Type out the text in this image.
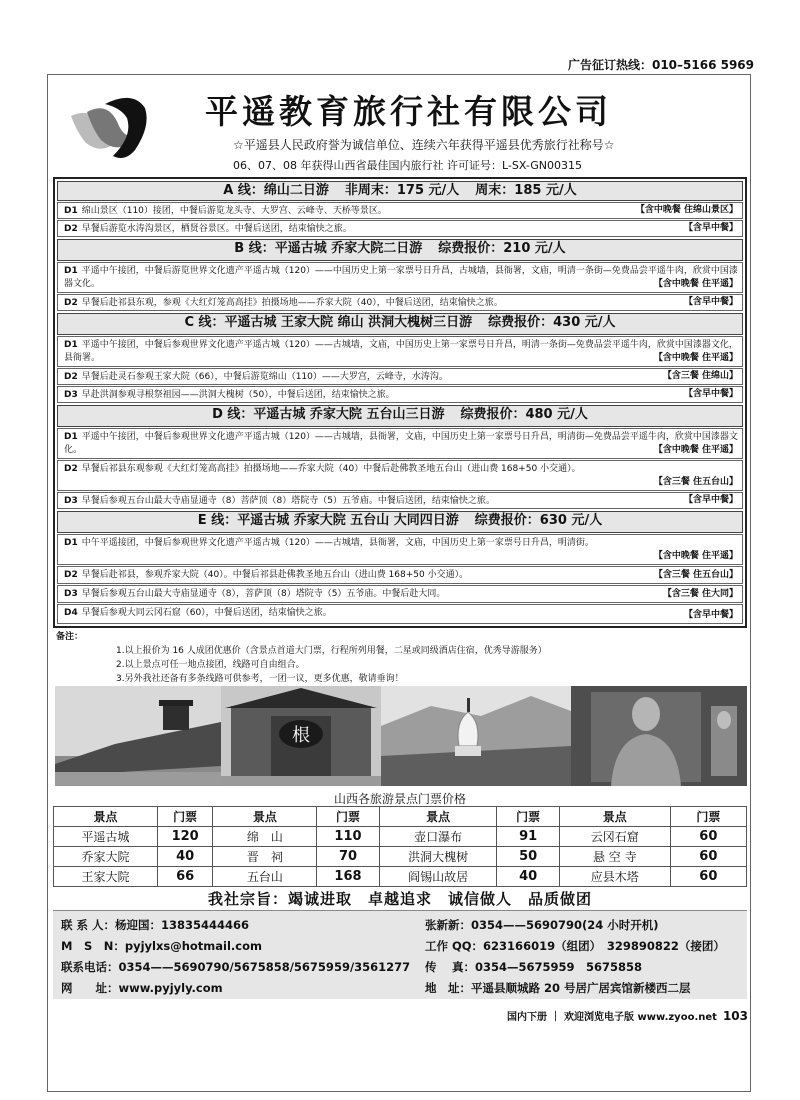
广告征订热线：010–5166 5969
平遥教育旅行社有限公司
☆平遥县人民政府誉为诚信单位、连续六年获得平遥县优秀旅行社称号☆
06、07、08 年获得山西省最佳国内旅行社 许可证号：L-SX-GN00315
A 线：绵山二日游 非周末：175 元/人 周末：185 元/人
D1 绵山景区（110）接团，中餐后游览龙头寺、大罗宫、云峰寺、天桥等景区。	【含中晚餐 住绵山景区】
D2 早餐后游览水涛沟景区，栖贤谷景区。中餐后送团，结束愉快之旅。	【含早中餐】
B 线：平遥古城 乔家大院二日游 综费报价：210 元/人
D1 平遥中午接团，中餐后游览世界文化遗产平遥古城（120）——中国历史上第一家票号日升昌，古城墙，县衙署，文庙，明清一条街—免费品尝平遥牛肉，欣赏中国漆器文化。	【含中晚餐 住平遥】
D2 早餐后赴祁县东观，参观《大红灯笼高高挂》拍摄场地——乔家大院（40），中餐后送团，结束愉快之旅。	【含早中餐】
C 线：平遥古城 王家大院 绵山 洪洞大槐树三日游 综费报价：430 元/人
D1 平遥中午接团，中餐后参观世界文化遗产平遥古城（120）——古城墙，文庙，中国历史上第一家票号日升昌，明清一条街—免费品尝平遥牛肉，欣赏中国漆器文化，县衙署。	【含中晚餐 住平遥】
D2 早餐后赴灵石参观王家大院（66），中餐后游览绵山（110）——大罗宫，云峰寺，水涛沟。	【含三餐 住绵山】
D3 早赴洪洞参观寻根祭祖园——洪洞大槐树（50），中餐后送团，结束愉快之旅。	【含早中餐】
D 线：平遥古城 乔家大院 五台山三日游 综费报价：480 元/人
D1 平遥中午接团，中餐后参观世界文化遗产平遥古城（120）——古城墙，县衙署，文庙，中国历史上第一家票号日升昌，明清街—免费品尝平遥牛肉，欣赏中国漆器文化。	【含中晚餐 住平遥】
D2 早餐后祁县东观参观《大红灯笼高高挂》拍摄场地——乔家大院（40）中餐后赴佛教圣地五台山（进山费 168+50 小交通）。
【含三餐 住五台山】
D3 早餐后参观五台山最大寺庙显通寺（8）菩萨顶（8）塔院寺（5）五爷庙。中餐后送团，结束愉快之旅。	【含早中餐】
E 线：平遥古城 乔家大院 五台山 大同四日游 综费报价：630 元/人
D1 中午平遥接团，中餐后参观世界文化遗产平遥古城（120）——古城墙，县衙署，文庙，中国历史上第一家票号日升昌，明清街。
【含中晚餐 住平遥】
D2 早餐后赴祁县，参观乔家大院（40）。中餐后祁县赴佛教圣地五台山（进山费 168+50 小交通）。	【含三餐 住五台山】
D3 早餐后参观五台山最大寺庙显通寺（8），菩萨顶（8）塔院寺（5）五爷庙。中餐后赴大同。	【含三餐 住大同】
D4 早餐后参观大同云冈石窟（60），中餐后送团，结束愉快之旅。	【含早中餐】
备注：
1.以上报价为 16 人成团优惠价（含景点首道大门票，行程所列用餐，二星或同级酒店住宿，优秀导游服务）
2.以上景点可任一地点接团，线路可自由组合。
3.另外我社还备有多条线路可供参考，一团一议，更多优惠，敬请垂询！
根
山西各旅游景点门票价格
景点	门票	景点	门票	景点	门票	景点	门票
平遥古城	120	绵　山	110	壶口瀑布	91	云冈石窟	60
乔家大院	40	晋　祠	70	洪洞大槐树	50	悬 空 寺	60
王家大院	66	五台山	168	阎锡山故居	40	应县木塔	60
我社宗旨：竭诚进取　卓越追求　诚信做人　品质做团
联 系 人：杨迎国：13835444466	张新新：0354——5690790(24 小时开机)
M　S　N：pyjylxs@hotmail.com	工作 QQ：623166019（组团）　329890822（接团）
联系电话：0354——5690790/5675858/5675959/3561277 传　 真：0354—5675959　5675858
网　　址：www.pyjyly.com	地　址：平遥县顺城路 20 号居广居宾馆新楼西二层
国内下册 ｜ 欢迎浏览电子版 www.zyoo.net 103
